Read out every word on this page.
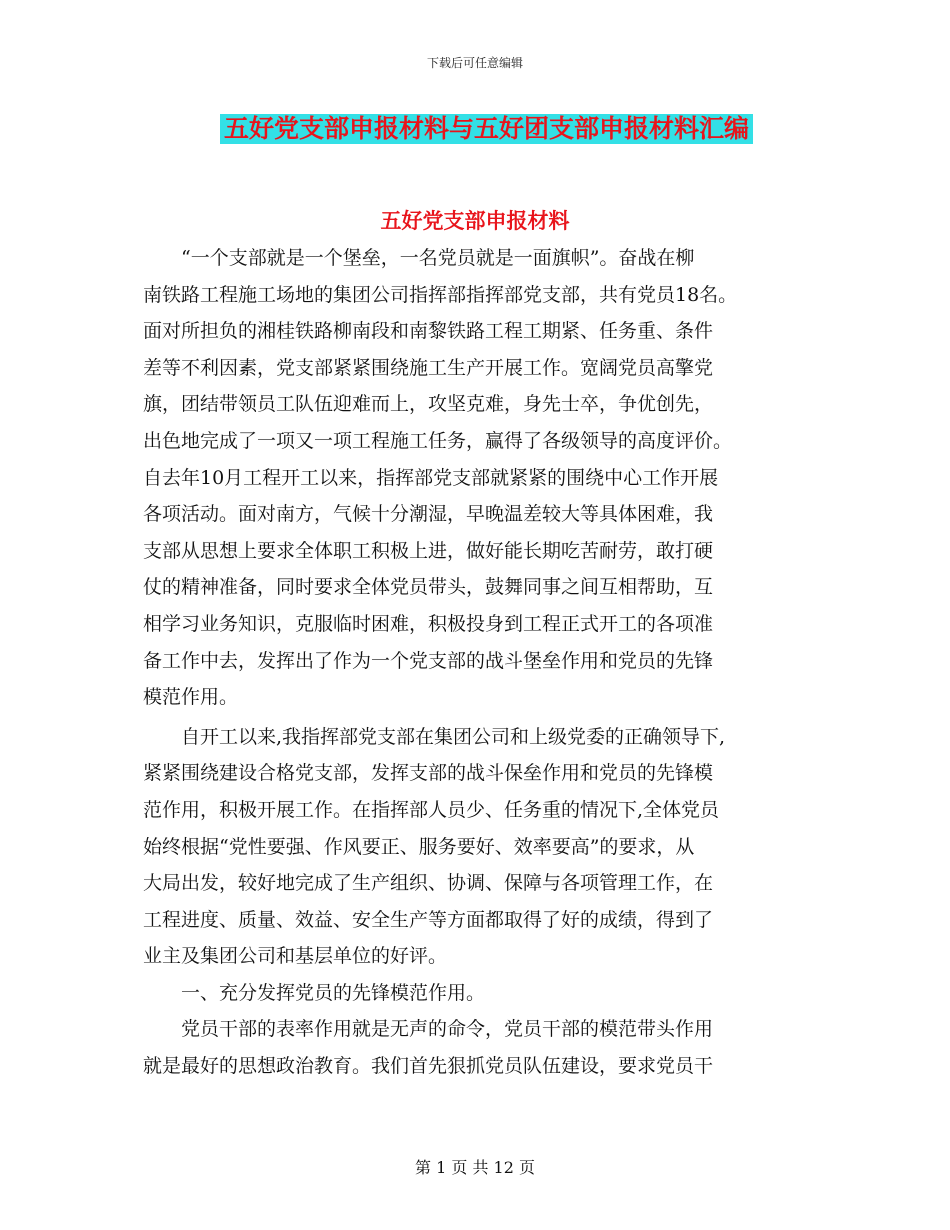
下载后可任意编辑
五好党支部申报材料与五好团支部申报材料汇编
五好党支部申报材料
“一个支部就是一个堡垒，一名党员就是一面旗帜”。奋战在柳
南铁路工程施工场地的集团公司指挥部指挥部党支部，共有党员18名。
面对所担负的湘桂铁路柳南段和南黎铁路工程工期紧、任务重、条件
差等不利因素，党支部紧紧围绕施工生产开展工作。宽阔党员高擎党
旗，团结带领员工队伍迎难而上，攻坚克难，身先士卒，争优创先，
出色地完成了一项又一项工程施工任务，赢得了各级领导的高度评价。
自去年10月工程开工以来，指挥部党支部就紧紧的围绕中心工作开展
各项活动。面对南方，气候十分潮湿，早晚温差较大等具体困难，我
支部从思想上要求全体职工积极上进，做好能长期吃苦耐劳，敢打硬
仗的精神准备，同时要求全体党员带头，鼓舞同事之间互相帮助，互
相学习业务知识，克服临时困难，积极投身到工程正式开工的各项准
备工作中去，发挥出了作为一个党支部的战斗堡垒作用和党员的先锋
模范作用。
自开工以来,我指挥部党支部在集团公司和上级党委的正确领导下,
紧紧围绕建设合格党支部，发挥支部的战斗保垒作用和党员的先锋模
范作用，积极开展工作。在指挥部人员少、任务重的情况下,全体党员
始终根据“党性要强、作风要正、服务要好、效率要高”的要求，从
大局出发，较好地完成了生产组织、协调、保障与各项管理工作，在
工程进度、质量、效益、安全生产等方面都取得了好的成绩，得到了
业主及集团公司和基层单位的好评。
一、充分发挥党员的先锋模范作用。
党员干部的表率作用就是无声的命令，党员干部的模范带头作用
就是最好的思想政治教育。我们首先狠抓党员队伍建设，要求党员干
第 1 页 共 12 页
